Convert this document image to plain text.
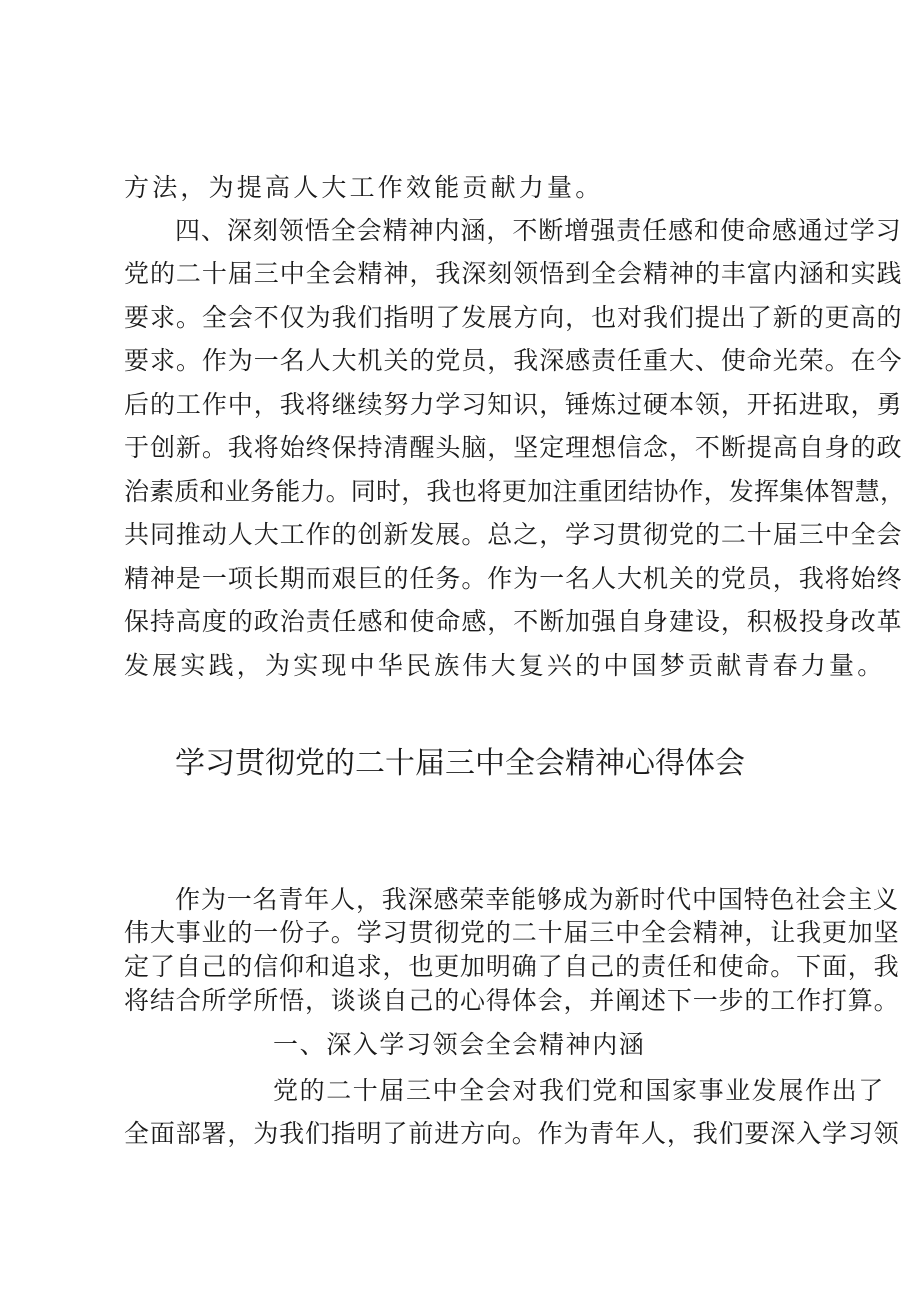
方法，为提高人大工作效能贡献力量。

四、深刻领悟全会精神内涵，不断增强责任感和使命感通过学习

党的二十届三中全会精神，我深刻领悟到全会精神的丰富内涵和实践

要求。全会不仅为我们指明了发展方向，也对我们提出了新的更高的

要求。作为一名人大机关的党员，我深感责任重大、使命光荣。在今

后的工作中，我将继续努力学习知识，锤炼过硬本领，开拓进取，勇

于创新。我将始终保持清醒头脑，坚定理想信念，不断提高自身的政

治素质和业务能力。同时，我也将更加注重团结协作，发挥集体智慧，

共同推动人大工作的创新发展。总之，学习贯彻党的二十届三中全会

精神是一项长期而艰巨的任务。作为一名人大机关的党员，我将始终

保持高度的政治责任感和使命感，不断加强自身建设，积极投身改革

发展实践，为实现中华民族伟大复兴的中国梦贡献青春力量。

学习贯彻党的二十届三中全会精神心得体会

作为一名青年人，我深感荣幸能够成为新时代中国特色社会主义

伟大事业的一份子。学习贯彻党的二十届三中全会精神，让我更加坚

定了自己的信仰和追求，也更加明确了自己的责任和使命。下面，我

将结合所学所悟，谈谈自己的心得体会，并阐述下一步的工作打算。

一、深入学习领会全会精神内涵

党的二十届三中全会对我们党和国家事业发展作出了

全面部署，为我们指明了前进方向。作为青年人，我们要深入学习领
